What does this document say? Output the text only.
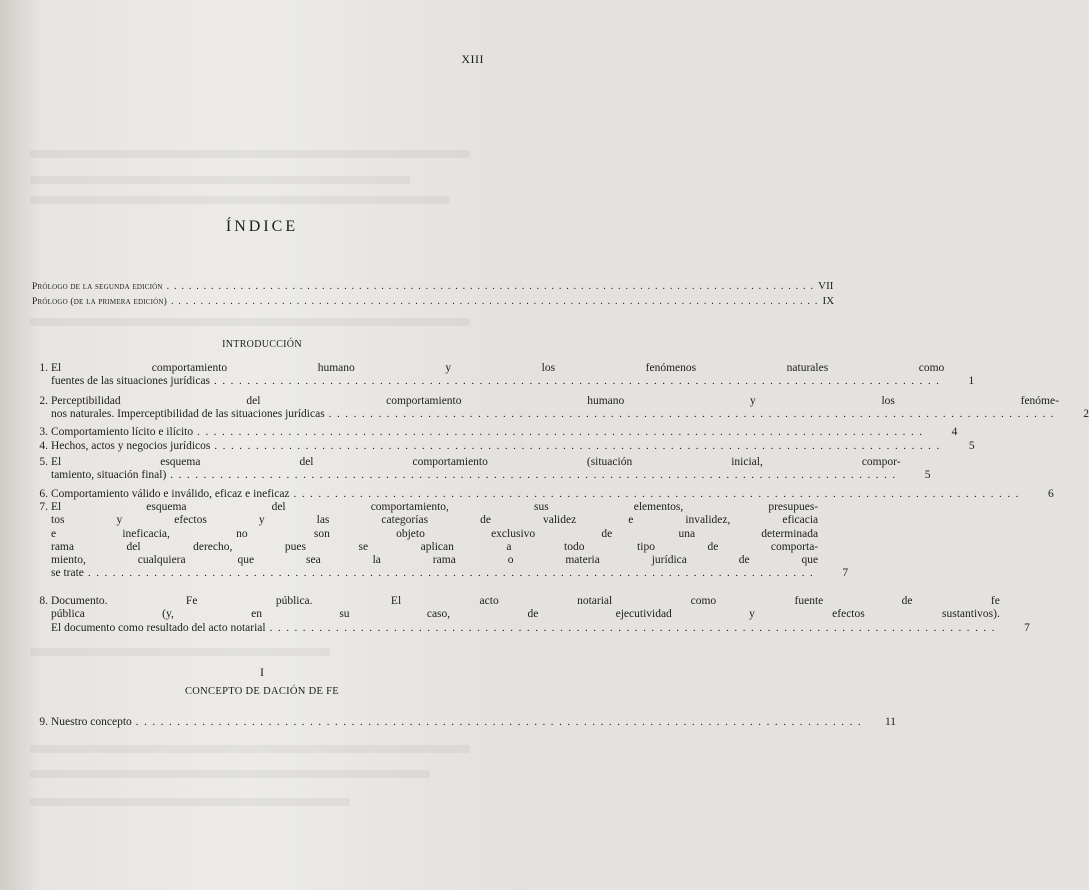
XIII
ÍNDICE
Prólogo de la segunda edición . . .	VII
Prólogo (de la primera edición) . . .	IX
INTRODUCCIÓN
1. El comportamiento humano y los fenómenos naturales como
fuentes de las situaciones jurídicas . . .	1
2. Perceptibilidad del comportamiento humano y los fenóme-
nos naturales. Imperceptibilidad de las situaciones jurídicas . . .	2
3. Comportamiento lícito e ilícito . . .	4
4. Hechos, actos y negocios jurídicos . . .	5
5. El esquema del comportamiento (situación inicial, compor-
tamiento, situación final) . . .	5
6. Comportamiento válido e inválido, eficaz e ineficaz . . .	6
7. El esquema del comportamiento, sus elementos, presupues-
tos y efectos y las categorías de validez e invalidez, eficacia
e ineficacia, no son objeto exclusivo de una determinada
rama del derecho, pues se aplican a todo tipo de comporta-
miento, cualquiera que sea la rama o materia jurídica de que
se trate . . .	7
8. Documento. Fe pública. El acto notarial como fuente de fe
pública (y, en su caso, de ejecutividad y efectos sustantivos).
El documento como resultado del acto notarial . . .	7
I
CONCEPTO DE DACIÓN DE FE
9. Nuestro concepto . . .	11
